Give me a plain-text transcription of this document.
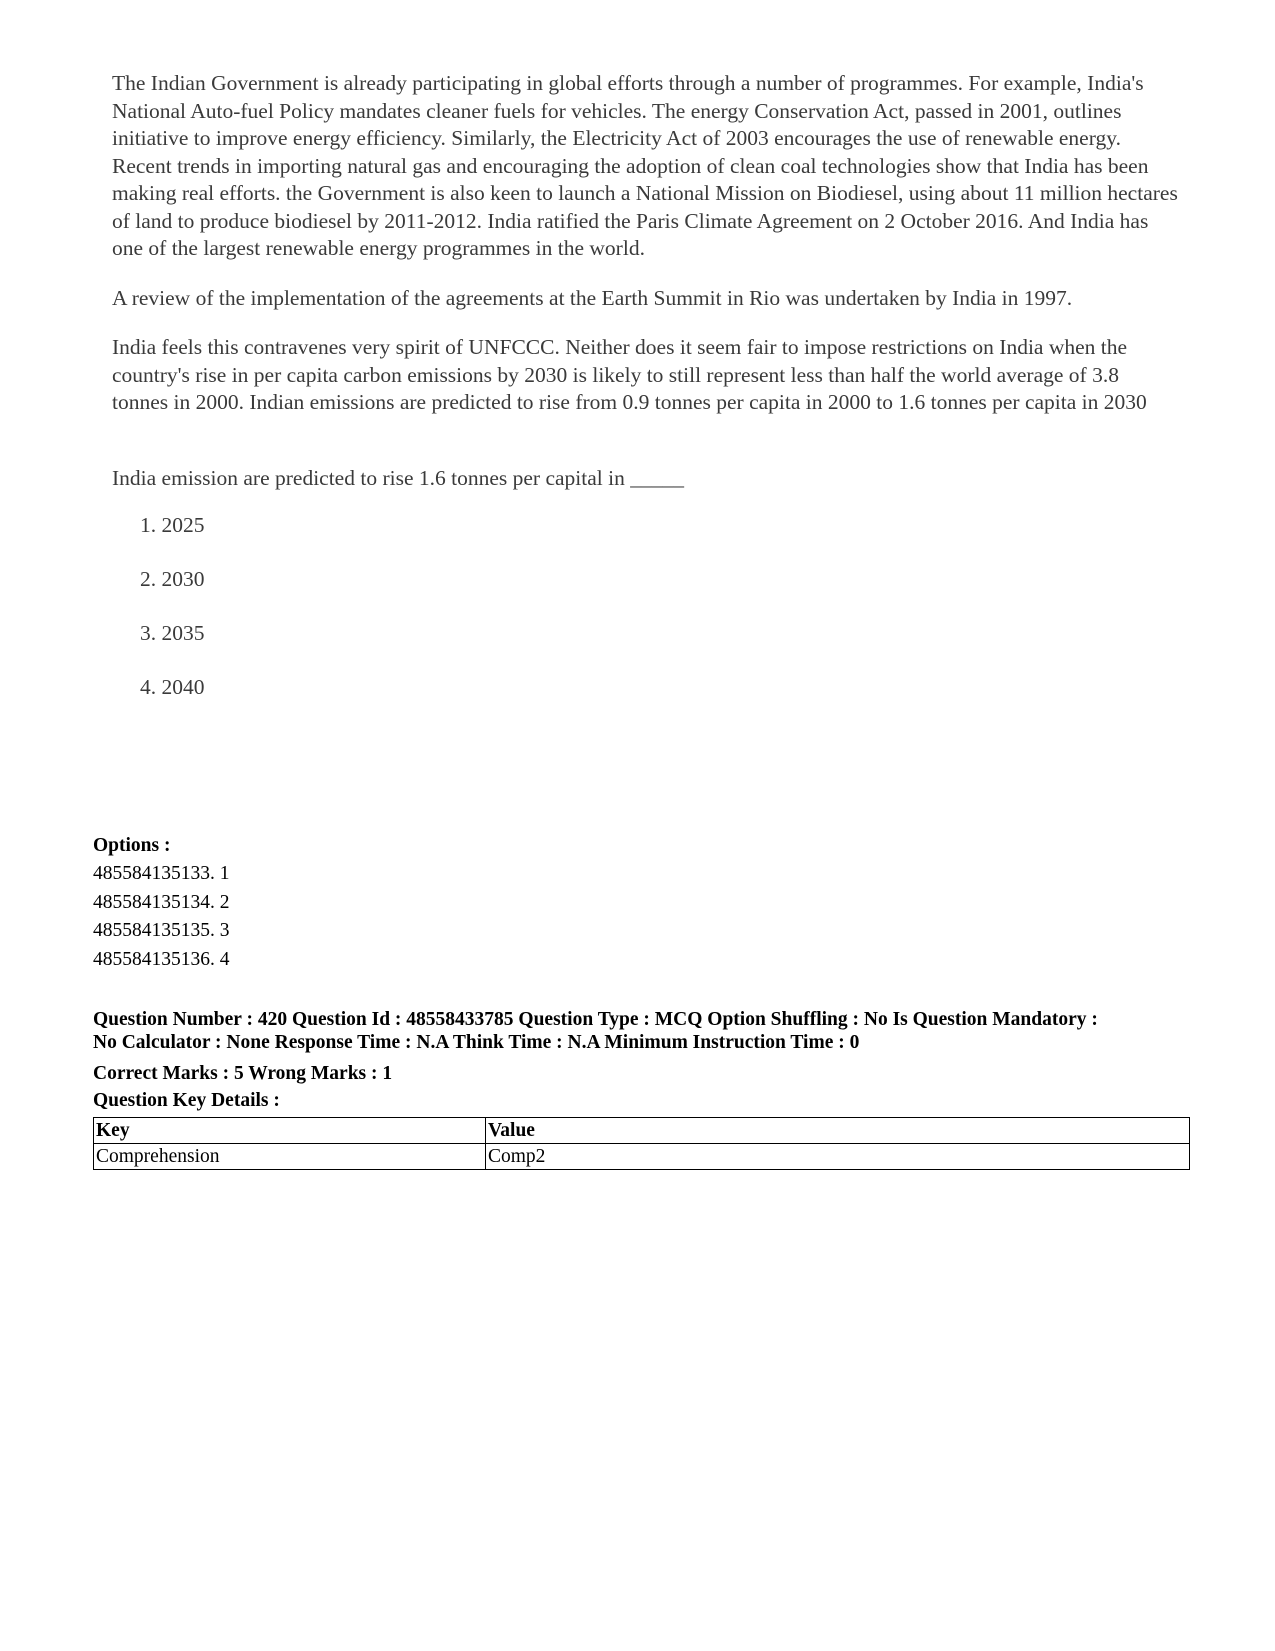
The Indian Government is already participating in global efforts through a number of programmes. For example, India's National Auto-fuel Policy mandates cleaner fuels for vehicles. The energy Conservation Act, passed in 2001, outlines initiative to improve energy efficiency. Similarly, the Electricity Act of 2003 encourages the use of renewable energy. Recent trends in importing natural gas and encouraging the adoption of clean coal technologies show that India has been making real efforts. the Government is also keen to launch a National Mission on Biodiesel, using about 11 million hectares of land to produce biodiesel by 2011-2012. India ratified the Paris Climate Agreement on 2 October 2016. And India has one of the largest renewable energy programmes in the world.

A review of the implementation of the agreements at the Earth Summit in Rio was undertaken by India in 1997.

India feels this contravenes very spirit of UNFCCC. Neither does it seem fair to impose restrictions on India when the country's rise in per capita carbon emissions by 2030 is likely to still represent less than half the world average of 3.8 tonnes in 2000. Indian emissions are predicted to rise from 0.9 tonnes per capita in 2000 to 1.6 tonnes per capita in 2030

India emission are predicted to rise 1.6 tonnes per capital in _____

1. 2025
2. 2030
3. 2035
4. 2040
Options :
485584135133. 1
485584135134. 2
485584135135. 3
485584135136. 4
Question Number : 420 Question Id : 48558433785 Question Type : MCQ Option Shuffling : No Is Question Mandatory :
No Calculator : None Response Time : N.A Think Time : N.A Minimum Instruction Time : 0
Correct Marks : 5 Wrong Marks : 1
Question Key Details :
Key	Value
Comprehension	Comp2
